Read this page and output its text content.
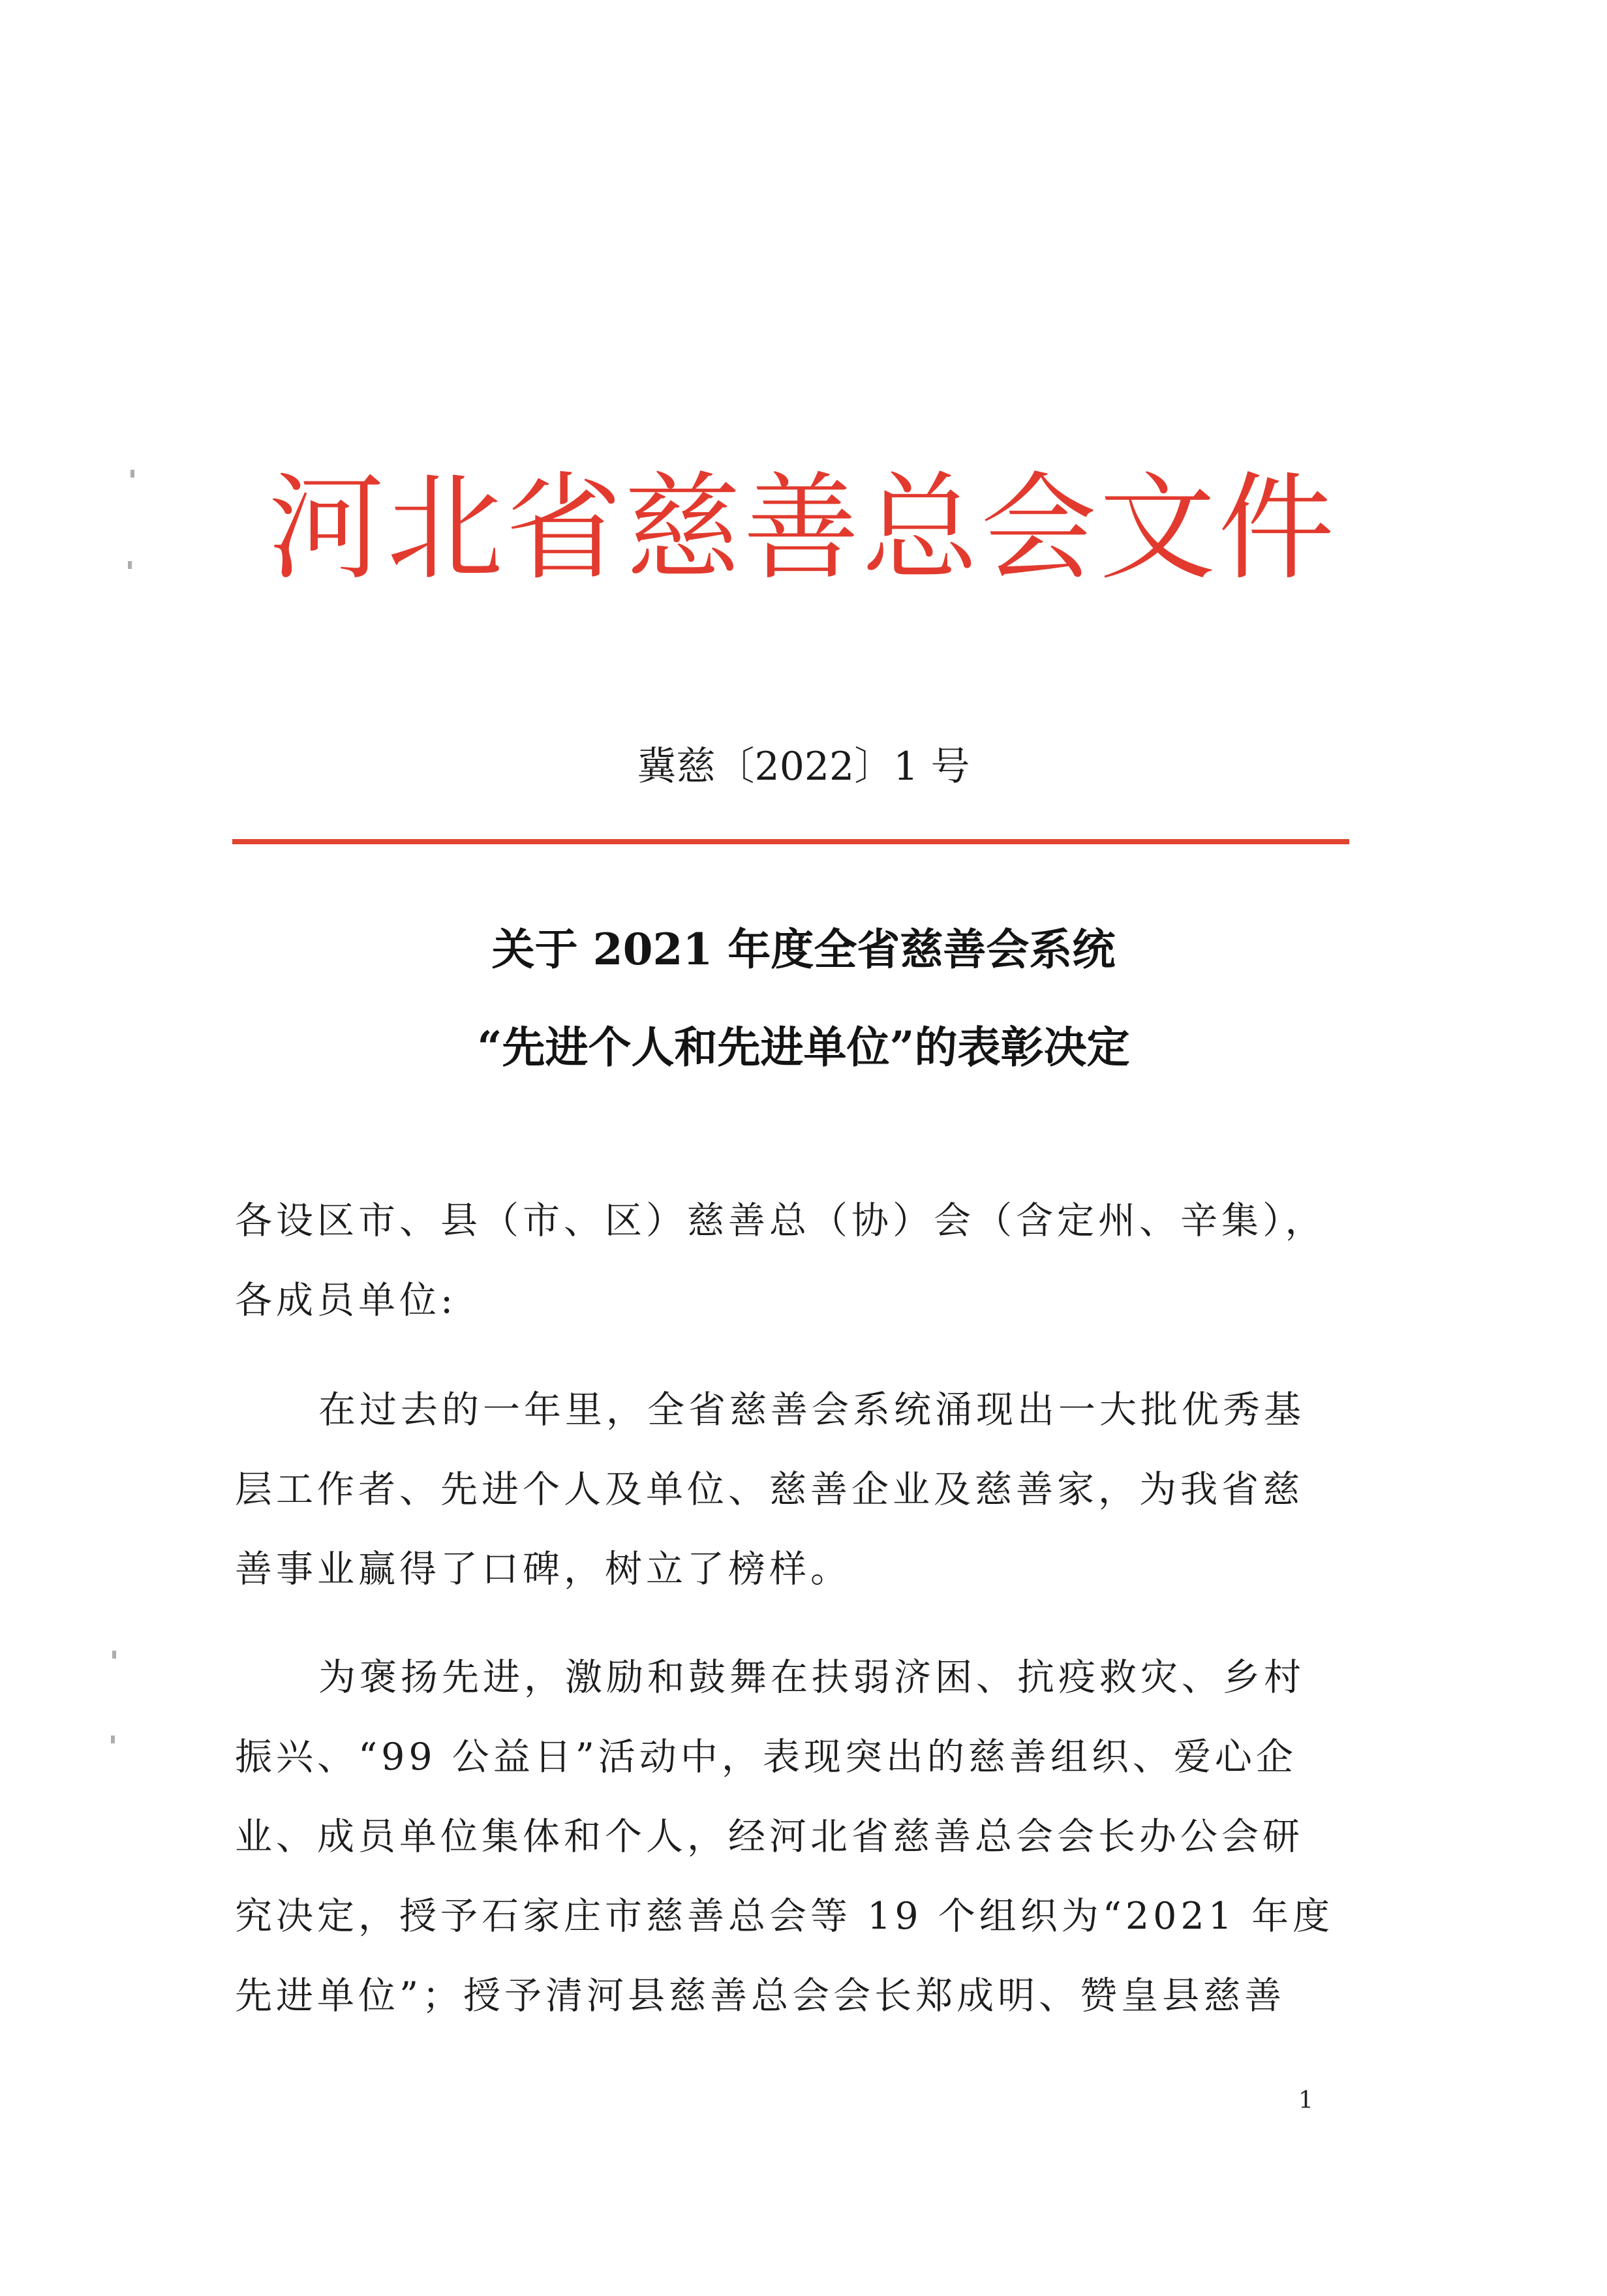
河北省慈善总会文件
冀慈〔2022〕1 号
关于 2021 年度全省慈善会系统
“先进个人和先进单位”的表彰决定
各设区市、县（市、区）慈善总（协）会（含定州、辛集），
各成员单位:
在过去的一年里，全省慈善会系统涌现出一大批优秀基
层工作者、先进个人及单位、慈善企业及慈善家，为我省慈
善事业赢得了口碑，树立了榜样。
为褒扬先进，激励和鼓舞在扶弱济困、抗疫救灾、乡村
振兴、“99 公益日”活动中，表现突出的慈善组织、爱心企
业、成员单位集体和个人，经河北省慈善总会会长办公会研
究决定，授予石家庄市慈善总会等 19 个组织为“2021 年度
先进单位”；授予清河县慈善总会会长郑成明、赞皇县慈善
1
